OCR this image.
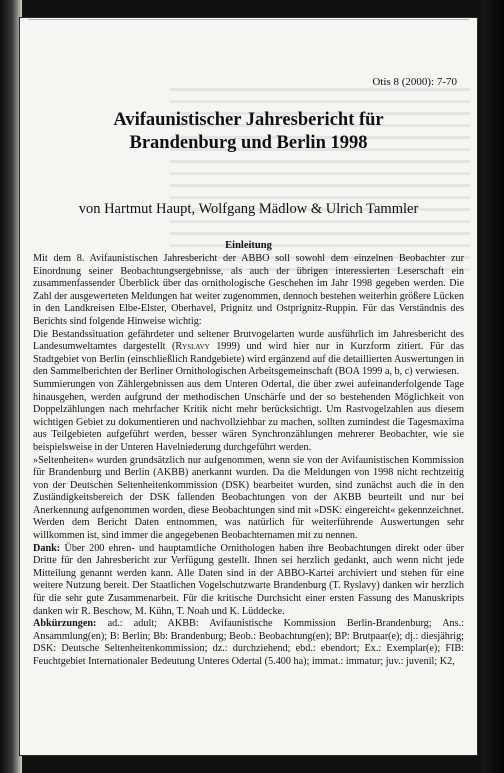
Otis 8 (2000): 7-70
Avifaunistischer Jahresbericht für
Brandenburg und Berlin 1998
von Hartmut Haupt, Wolfgang Mädlow & Ulrich Tammler
Einleitung

Mit dem 8. Avifaunistischen Jahresbericht der ABBO soll sowohl dem einzelnen Beobachter zur Einordnung seiner Beobachtungsergebnisse, als auch der übrigen interessierten Leserschaft ein zusammenfassender Überblick über das ornithologische Geschehen im Jahr 1998 gegeben werden. Die Zahl der ausgewerteten Meldungen hat weiter zugenommen, dennoch bestehen weiterhin größere Lücken in den Landkreisen Elbe-Elster, Oberhavel, Prignitz und Ostprignitz-Ruppin. Für das Verständnis des Berichts sind folgende Hinweise wichtig:

Die Bestandssituation gefährdeter und seltener Brutvogelarten wurde ausführlich im Jahresbericht des Landesumweltamtes dargestellt (Ryslavy 1999) und wird hier nur in Kurzform zitiert. Für das Stadtgebiet von Berlin (einschließlich Randgebiete) wird ergänzend auf die detaillierten Auswertungen in den Sammelberichten der Berliner Ornithologischen Arbeitsgemeinschaft (BOA 1999 a, b, c) verwiesen.

Summierungen von Zählergebnissen aus dem Unteren Odertal, die über zwei aufeinanderfolgende Tage hinausgehen, werden aufgrund der methodischen Unschärfe und der so bestehenden Möglichkeit von Doppelzählungen nach mehrfacher Kritik nicht mehr berücksichtigt. Um Rastvogelzahlen aus diesem wichtigen Gebiet zu dokumentieren und nachvollziehbar zu machen, sollten zumindest die Tagesmaxima aus Teilgebieten aufgeführt werden, besser wären Synchronzählungen mehrerer Beobachter, wie sie beispielsweise in der Unteren Havelniederung durchgeführt werden.

»Seltenheiten« wurden grundsätzlich nur aufgenommen, wenn sie von der Avifaunistischen Kommission für Brandenburg und Berlin (AKBB) anerkannt wurden. Da die Meldungen von 1998 nicht rechtzeitig von der Deutschen Seltenheitenkommission (DSK) bearbeitet wurden, sind zunächst auch die in den Zuständigkeitsbereich der DSK fallenden Beobachtungen von der AKBB beurteilt und nur bei Anerkennung aufgenommen worden, diese Beobachtungen sind mit »DSK: eingereicht« gekennzeichnet. Werden dem Bericht Daten entnommen, was natürlich für weiterführende Auswertungen sehr willkommen ist, sind immer die angegebenen Beobachternamen mit zu nennen.

Dank: Über 200 ehren- und hauptamtliche Ornithologen haben ihre Beobachtungen direkt oder über Dritte für den Jahresbericht zur Verfügung gestellt. Ihnen sei herzlich gedankt, auch wenn nicht jede Mitteilung genannt werden kann. Alle Daten sind in der ABBO-Kartei archiviert und stehen für eine weitere Nutzung bereit. Der Staatlichen Vogelschutzwarte Brandenburg (T. Ryslavy) danken wir herzlich für die sehr gute Zusammenarbeit. Für die kritische Durchsicht einer ersten Fassung des Manuskripts danken wir R. Beschow, M. Kühn, T. Noah und K. Lüddecke.

Abkürzungen: ad.: adult; AKBB: Avifaunistische Kommission Berlin-Brandenburg; Ans.: Ansammlung(en); B: Berlin; Bb: Brandenburg; Beob.: Beobachtung(en); BP: Brutpaar(e); dj.: diesjährig; DSK: Deutsche Seltenheitenkommission; dz.: durchziehend; ebd.: ebendort; Ex.: Exemplar(e); FIB: Feuchtgebiet Internationaler Bedeutung Unteres Odertal (5.400 ha); immat.: immatur; juv.: juvenil; K2,
